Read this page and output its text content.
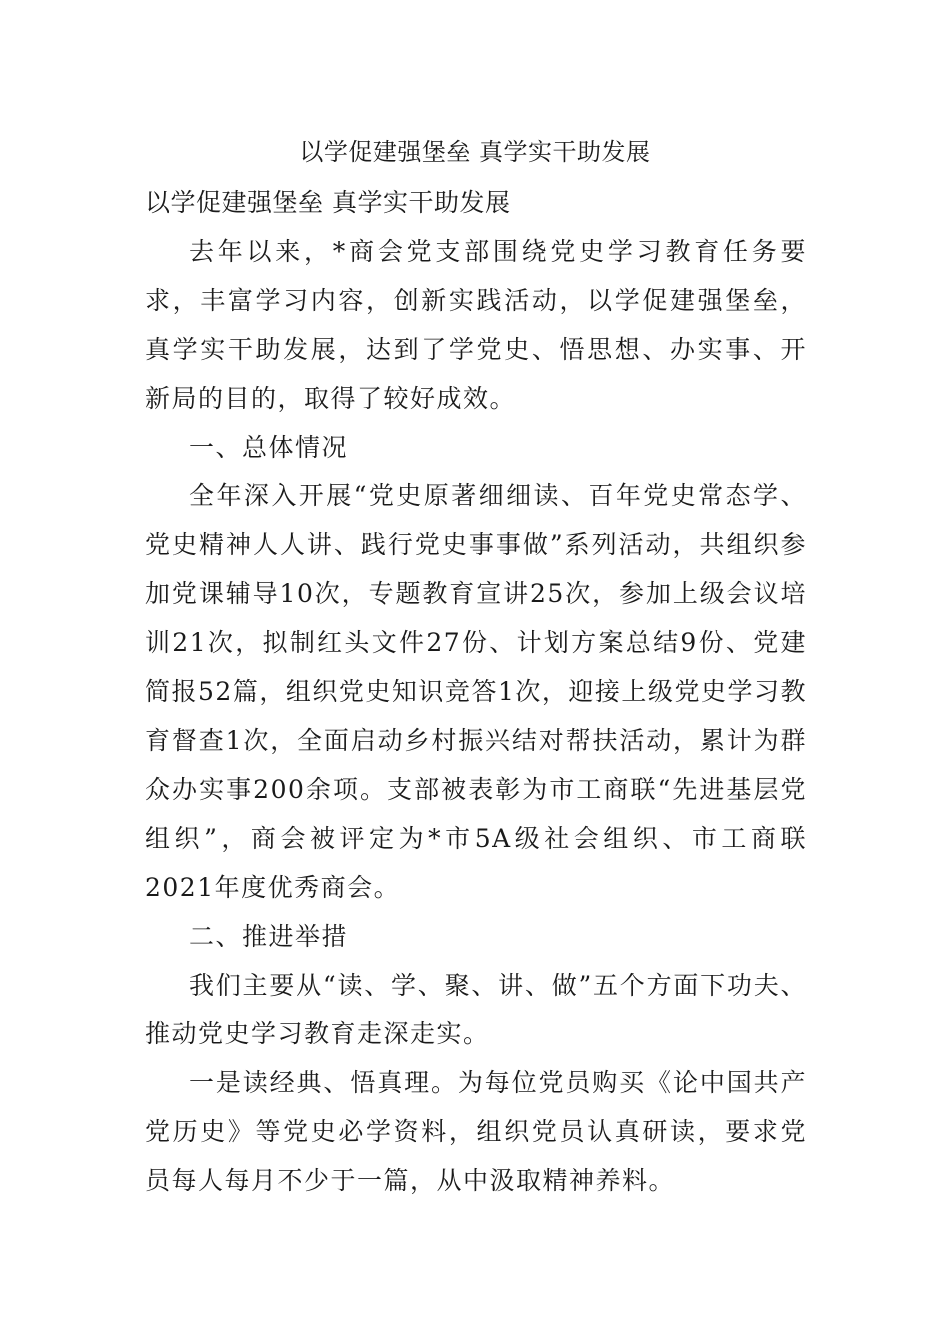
以学促建强堡垒 真学实干助发展

以学促建强堡垒 真学实干助发展

去年以来，*商会党支部围绕党史学习教育任务要求，丰富学习内容，创新实践活动，以学促建强堡垒，真学实干助发展，达到了学党史、悟思想、办实事、开新局的目的，取得了较好成效。

一、总体情况

全年深入开展“党史原著细细读、百年党史常态学、党史精神人人讲、践行党史事事做”系列活动，共组织参加党课辅导10次，专题教育宣讲25次，参加上级会议培训21次，拟制红头文件27份、计划方案总结9份、党建简报52篇，组织党史知识竞答1次，迎接上级党史学习教育督查1次，全面启动乡村振兴结对帮扶活动，累计为群众办实事200余项。支部被表彰为市工商联“先进基层党组织”，商会被评定为*市5A级社会组织、市工商联2021年度优秀商会。

二、推进举措

我们主要从“读、学、聚、讲、做”五个方面下功夫、推动党史学习教育走深走实。

一是读经典、悟真理。为每位党员购买《论中国共产党历史》等党史必学资料，组织党员认真研读，要求党员每人每月不少于一篇，从中汲取精神养料。
